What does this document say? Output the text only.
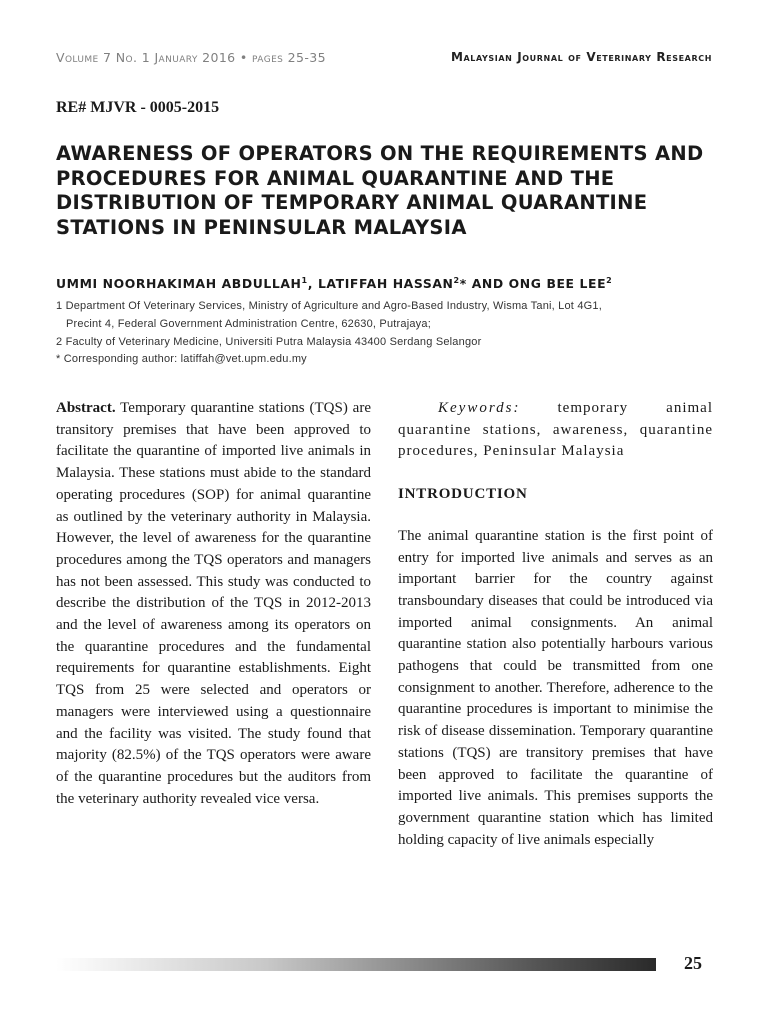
Volume 7 No. 1 January 2016 • pages 25-35	Malaysian Journal of Veterinary Research
RE# MJVR - 0005-2015
AWARENESS OF OPERATORS ON THE REQUIREMENTS AND PROCEDURES FOR ANIMAL QUARANTINE AND THE DISTRIBUTION OF TEMPORARY ANIMAL QUARANTINE STATIONS IN PENINSULAR MALAYSIA
UMMI NOORHAKIMAH ABDULLAH$^1$, LATIFFAH HASSAN$^2$* AND ONG BEE LEE$^2$
1 Department Of Veterinary Services, Ministry of Agriculture and Agro-Based Industry, Wisma Tani, Lot 4G1,
Precint 4, Federal Government Administration Centre, 62630, Putrajaya;
2 Faculty of Veterinary Medicine, Universiti Putra Malaysia 43400 Serdang Selangor
* Corresponding author: latiffah@vet.upm.edu.my

Abstract. Temporary quarantine stations (TQS) are transitory premises that have been approved to facilitate the quarantine of imported live animals in Malaysia. These stations must abide to the standard operating procedures (SOP) for animal quarantine as outlined by the veterinary authority in Malaysia. However, the level of awareness for the quarantine procedures among the TQS operators and managers has not been assessed. This study was conducted to describe the distribution of the TQS in 2012-2013 and the level of awareness among its operators on the quarantine procedures and the fundamental requirements for quarantine establishments. Eight TQS from 25 were selected and operators or managers were interviewed using a questionnaire and the facility was visited. The study found that majority (82.5%) of the TQS operators were aware of the quarantine procedures but the auditors from the veterinary authority revealed vice versa.

Keywords: temporary animal quarantine stations, awareness, quarantine procedures, Peninsular Malaysia

INTRODUCTION

The animal quarantine station is the first point of entry for imported live animals and serves as an important barrier for the country against transboundary diseases that could be introduced via imported animal consignments. An animal quarantine station also potentially harbours various pathogens that could be transmitted from one consignment to another. Therefore, adherence to the quarantine procedures is important to minimise the risk of disease dissemination. Temporary quarantine stations (TQS) are transitory premises that have been approved to facilitate the quarantine of imported live animals. This premises supports the government quarantine station which has limited holding capacity of live animals especially

25
